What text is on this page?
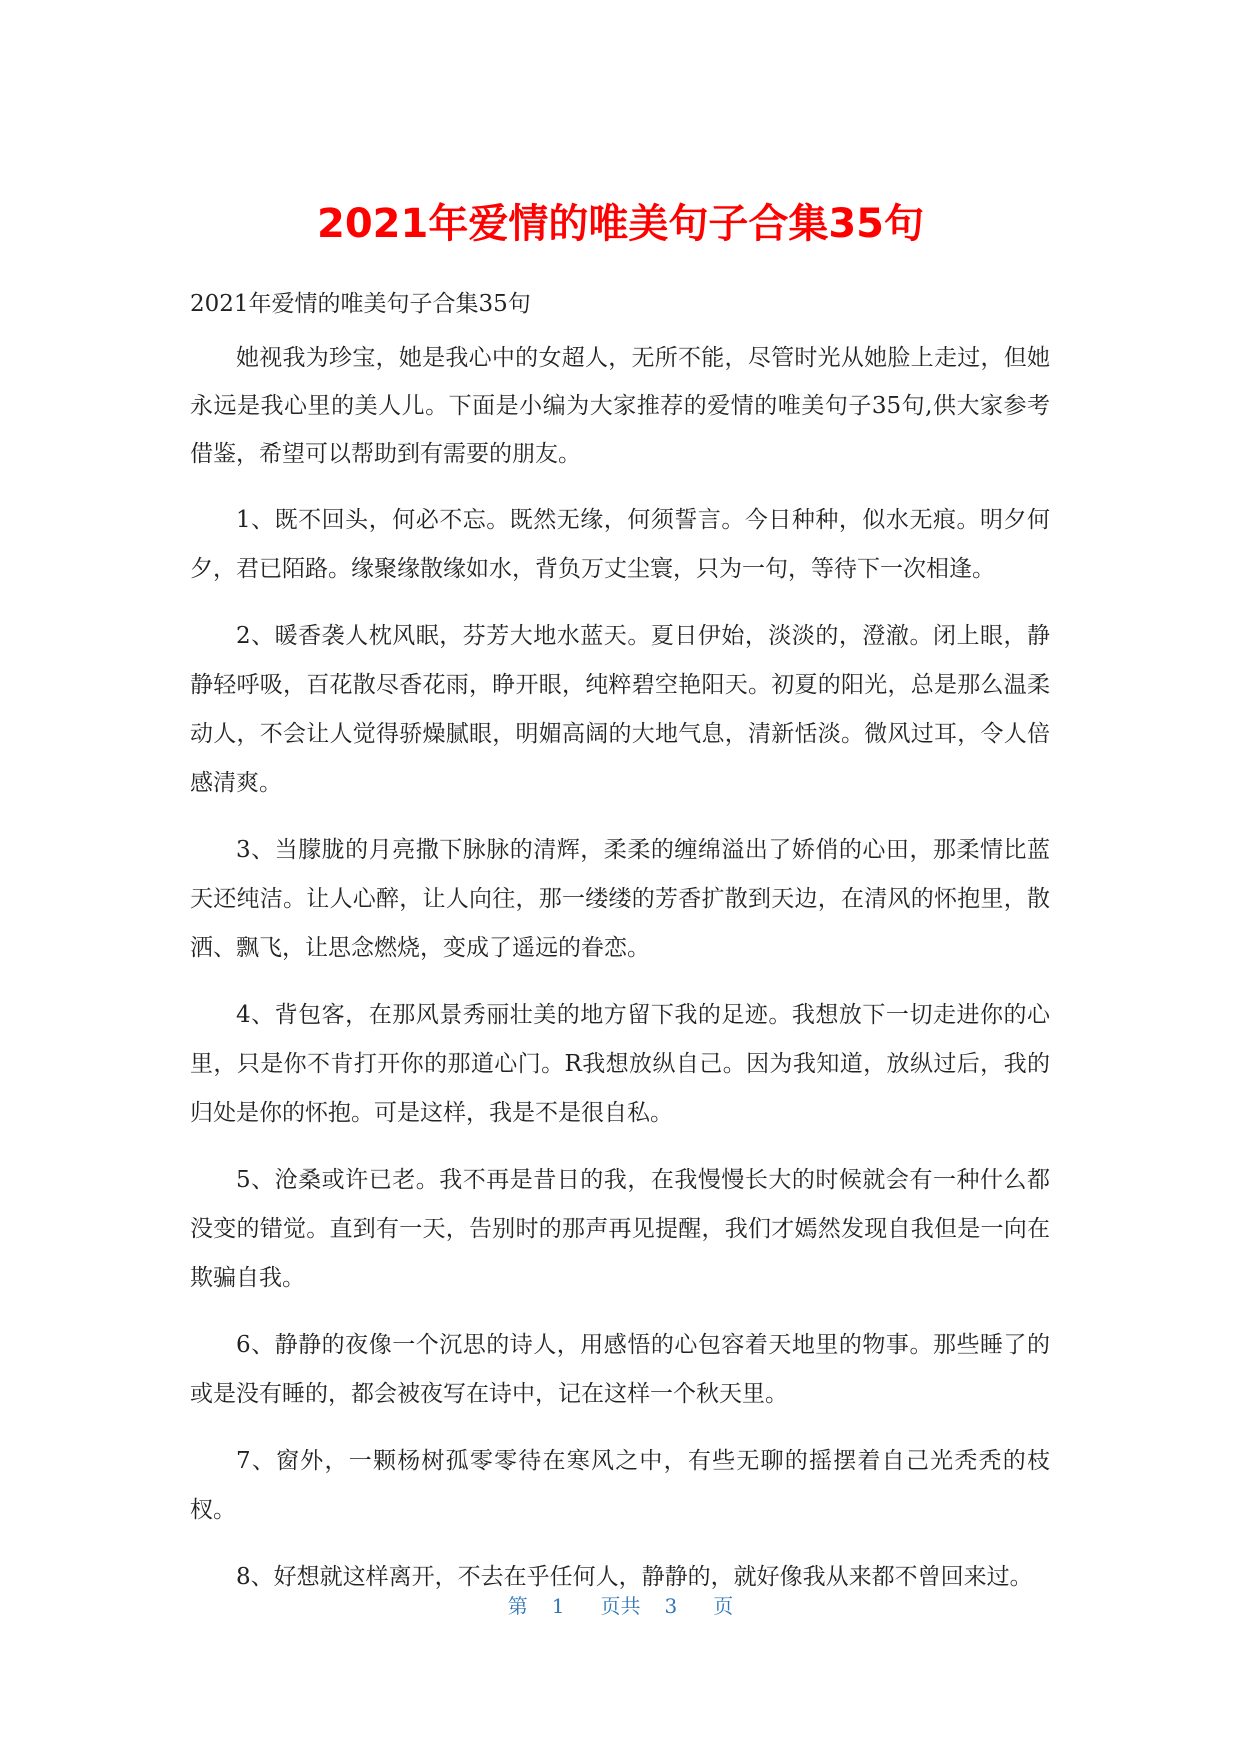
2021年爱情的唯美句子合集35句

2021年爱情的唯美句子合集35句

她视我为珍宝，她是我心中的女超人，无所不能，尽管时光从她脸上走过，但她永远是我心里的美人儿。下面是小编为大家推荐的爱情的唯美句子35句,供大家参考借鉴，希望可以帮助到有需要的朋友。

1、既不回头，何必不忘。既然无缘，何须誓言。今日种种，似水无痕。明夕何夕，君已陌路。缘聚缘散缘如水，背负万丈尘寰，只为一句，等待下一次相逢。

2、暖香袭人枕风眠，芬芳大地水蓝天。夏日伊始，淡淡的，澄澈。闭上眼，静静轻呼吸，百花散尽香花雨，睁开眼，纯粹碧空艳阳天。初夏的阳光，总是那么温柔动人，不会让人觉得骄燥腻眼，明媚高阔的大地气息，清新恬淡。微风过耳，令人倍感清爽。

3、当朦胧的月亮撒下脉脉的清辉，柔柔的缠绵溢出了娇俏的心田，那柔情比蓝天还纯洁。让人心醉，让人向往，那一缕缕的芳香扩散到天边，在清风的怀抱里，散洒、飘飞，让思念燃烧，变成了遥远的眷恋。

4、背包客，在那风景秀丽壮美的地方留下我的足迹。我想放下一切走进你的心里，只是你不肯打开你的那道心门。R我想放纵自己。因为我知道，放纵过后，我的归处是你的怀抱。可是这样，我是不是很自私。

5、沧桑或许已老。我不再是昔日的我，在我慢慢长大的时候就会有一种什么都没变的错觉。直到有一天，告别时的那声再见提醒，我们才嫣然发现自我但是一向在欺骗自我。

6、静静的夜像一个沉思的诗人，用感悟的心包容着天地里的物事。那些睡了的或是没有睡的，都会被夜写在诗中，记在这样一个秋天里。

7、窗外，一颗杨树孤零零待在寒风之中，有些无聊的摇摆着自己光秃秃的枝杈。

8、好想就这样离开，不去在乎任何人，静静的，就好像我从来都不曾回来过。

第 1 页共 3 页
